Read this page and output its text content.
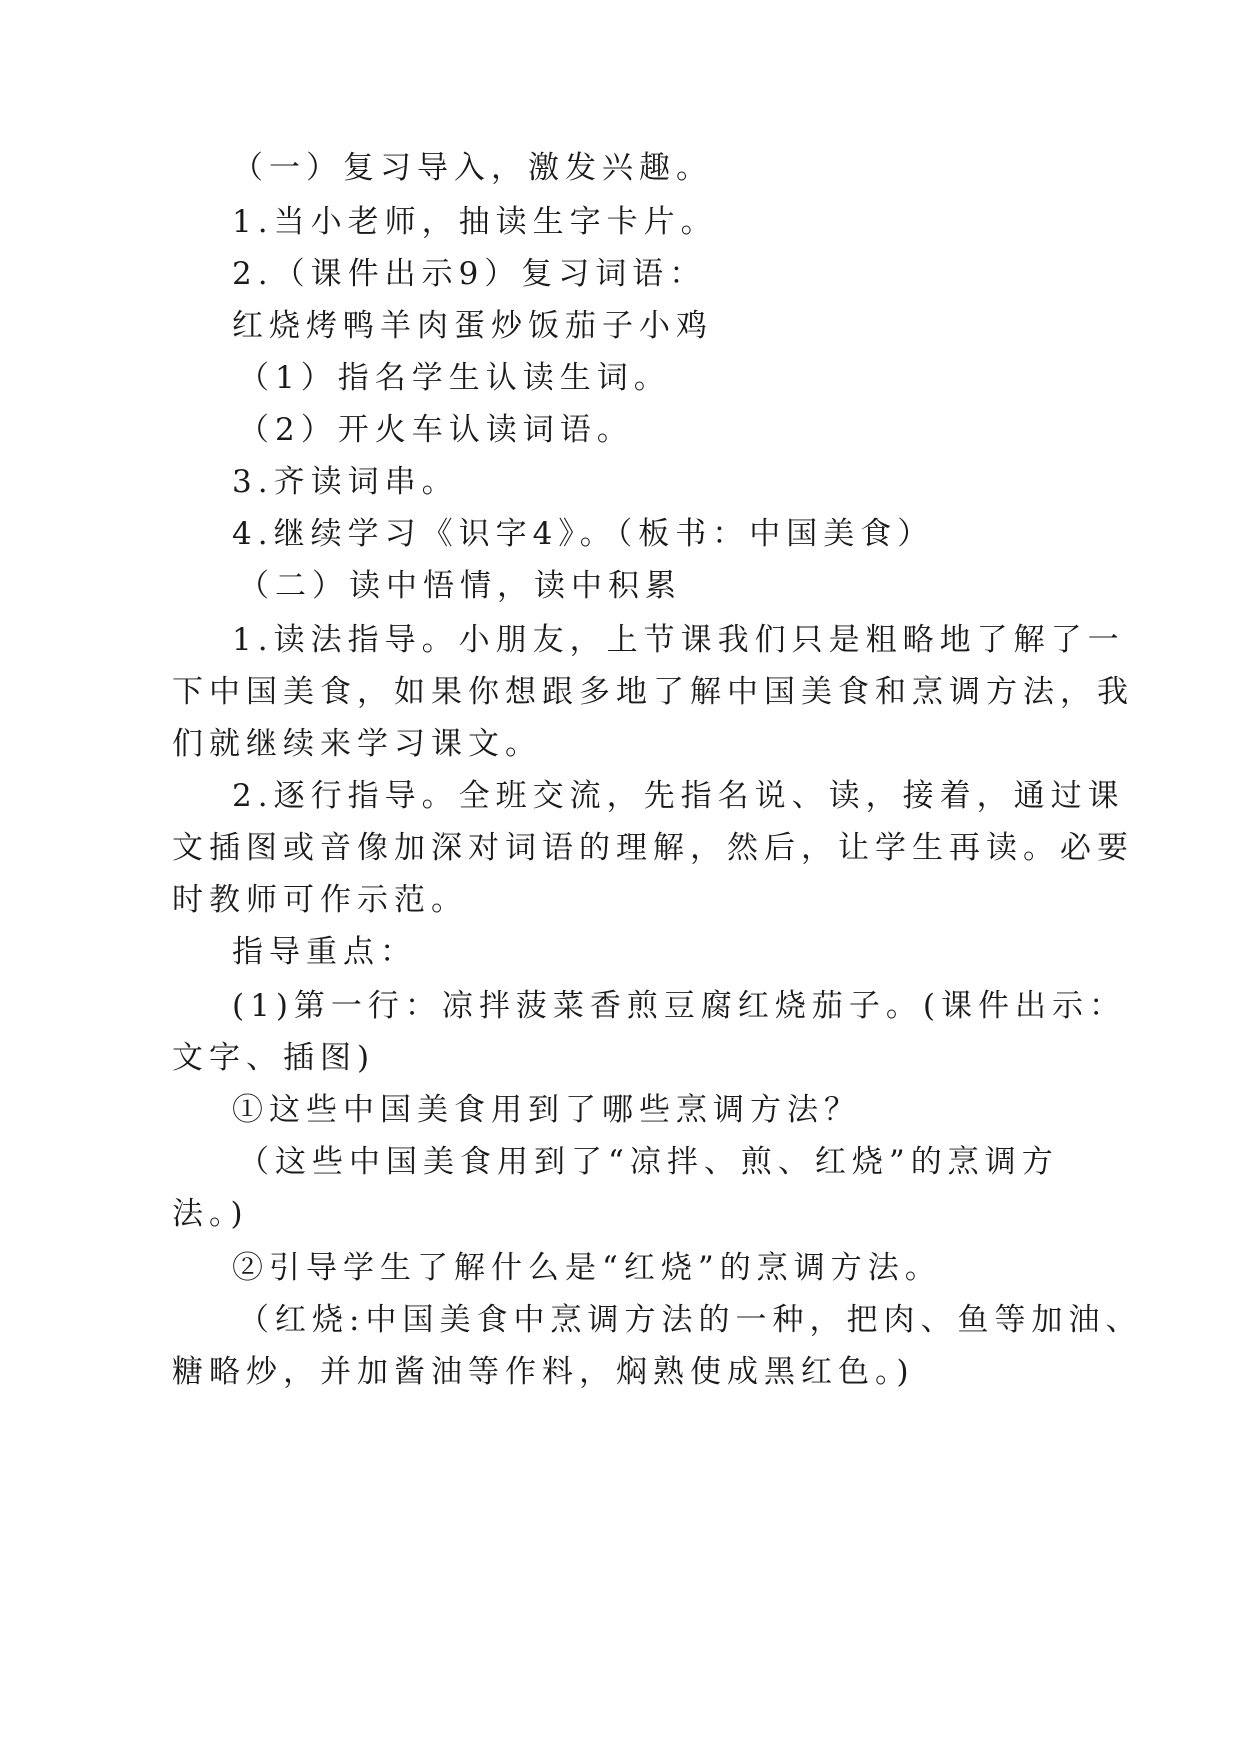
（一）复习导入，激发兴趣。
1.当小老师，抽读生字卡片。
2.（课件出示9）复习词语：
红烧烤鸭羊肉蛋炒饭茄子小鸡
（1）指名学生认读生词。
（2）开火车认读词语。
3.齐读词串。
4.继续学习《识字4》。（板书：中国美食）
（二）读中悟情，读中积累
1.读法指导。小朋友，上节课我们只是粗略地了解了一
下中国美食，如果你想跟多地了解中国美食和烹调方法，我
们就继续来学习课文。
2.逐行指导。全班交流，先指名说、读，接着，通过课
文插图或音像加深对词语的理解，然后，让学生再读。必要
时教师可作示范。
指导重点：
(1)第一行：凉拌菠菜香煎豆腐红烧茄子。(课件出示：
文字、插图)
①这些中国美食用到了哪些烹调方法？
（这些中国美食用到了“凉拌、煎、红烧”的烹调方
法。)
②引导学生了解什么是“红烧”的烹调方法。
（红烧:中国美食中烹调方法的一种，把肉、鱼等加油、
糖略炒，并加酱油等作料，焖熟使成黑红色。)
